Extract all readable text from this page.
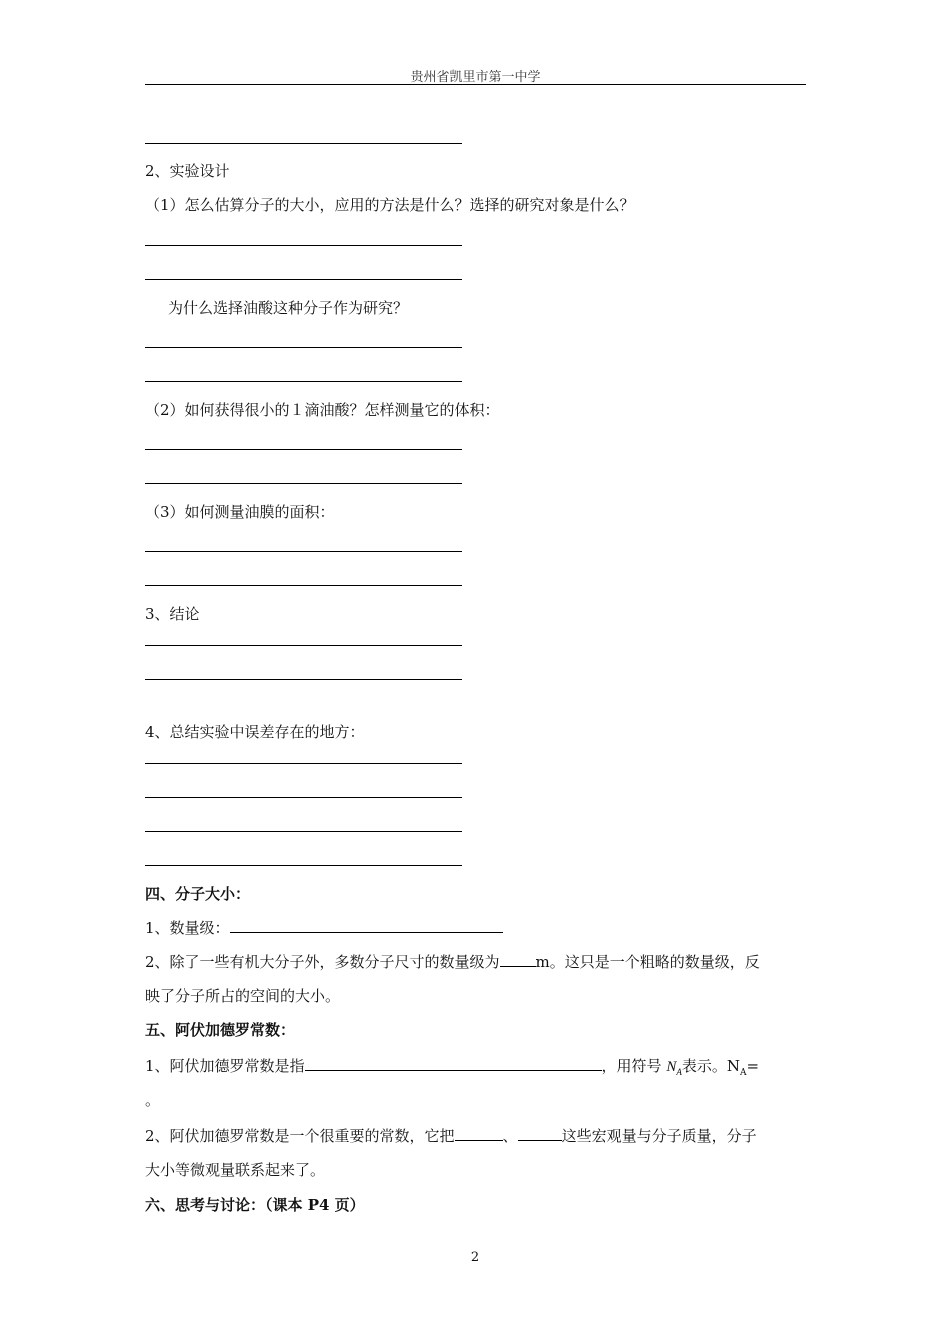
贵州省凯里市第一中学
2、实验设计
（1）怎么估算分子的大小，应用的方法是什么？选择的研究对象是什么？
为什么选择油酸这种分子作为研究？
（2）如何获得很小的１滴油酸？怎样测量它的体积：
（3）如何测量油膜的面积：
3、结论
4、总结实验中误差存在的地方：
四、分子大小：
1、数量级：
2、除了一些有机大分子外，多数分子尺寸的数量级为 m。这只是一个粗略的数量级，反
映了分子所占的空间的大小。
五、阿伏加德罗常数：
1、阿伏加德罗常数是指	，用符号 $N_A$表示。$N_A=$
。
2、阿伏加德罗常数是一个很重要的常数，它把	、	这些宏观量与分子质量，分子
大小等微观量联系起来了。
六、思考与讨论：（课本 P4 页）
2
